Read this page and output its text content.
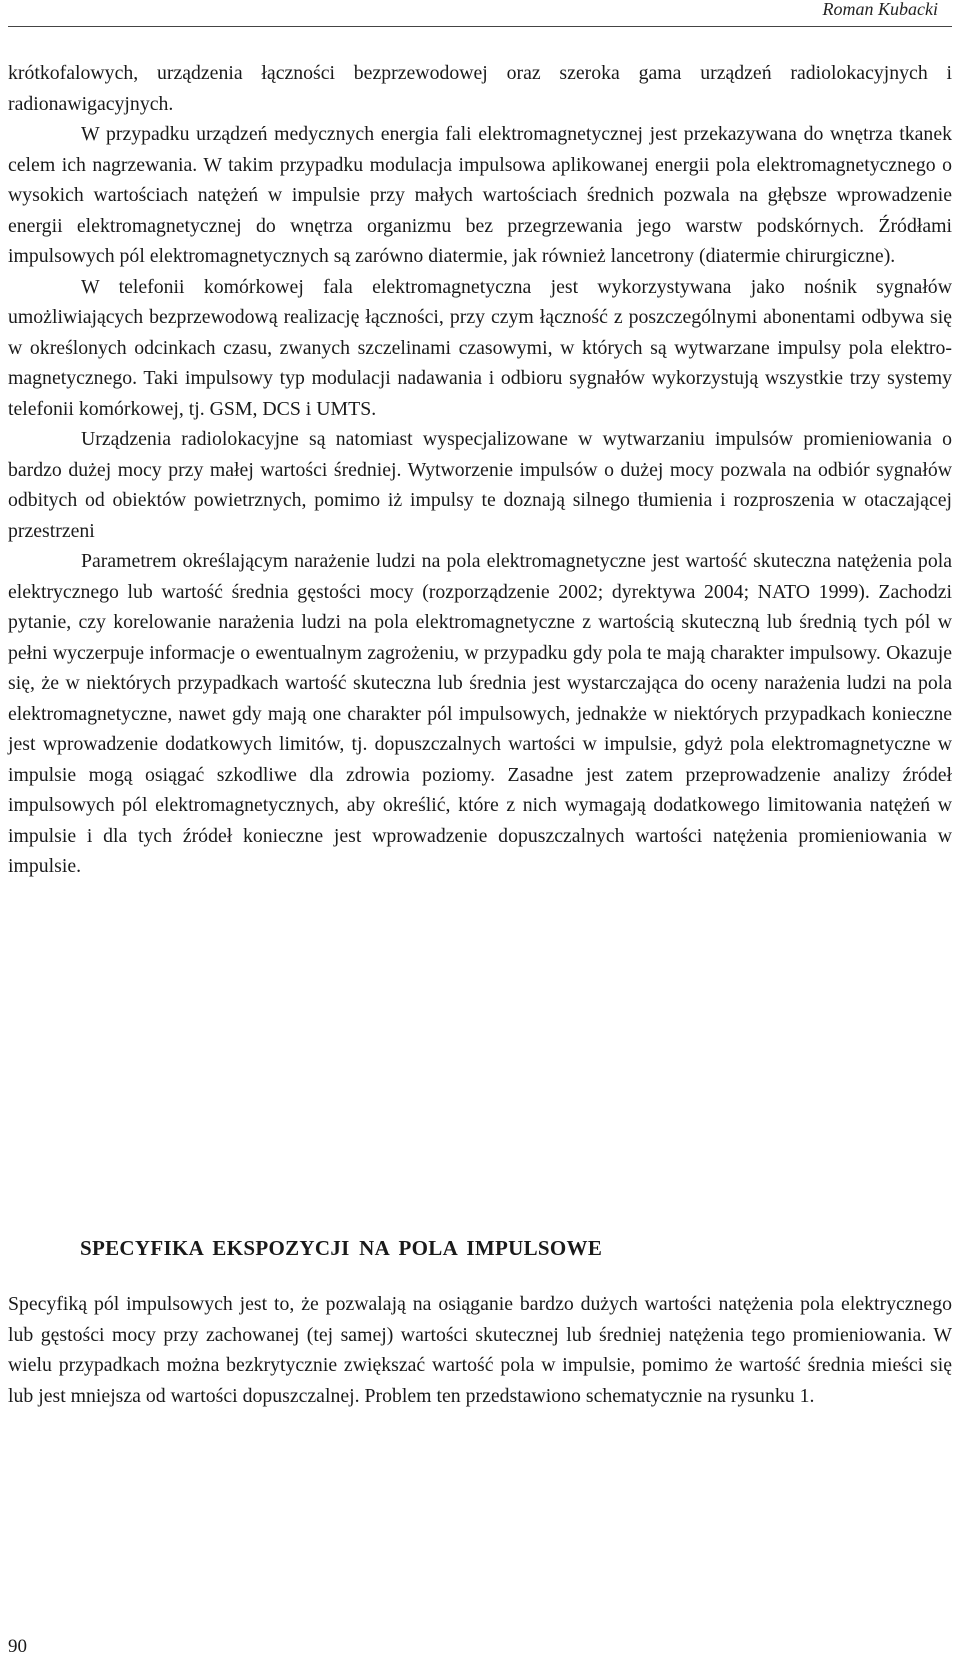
Roman Kubacki

krótkofalowych, urządzenia łączności bezprzewodowej oraz szeroka gama urządzeń radiolokacyjnych i radionawigacyjnych.

W przypadku urządzeń medycznych energia fali elektromagnetycznej jest przekazywana do wnętrza tkanek celem ich nagrzewania. W takim przypadku modulacja impulsowa aplikowanej energii pola elektromagnetycznego o wysokich wartościach natężeń w impulsie przy małych wartościach średnich pozwala na głębsze wprowadzenie energii elektromagnetycznej do wnętrza organizmu bez przegrzewania jego warstw podskórnych. Źródłami impulsowych pól elektromagnetycznych są zarówno diatermie, jak również lancetrony (diatermie chirurgiczne).

W telefonii komórkowej fala elektromagnetyczna jest wykorzystywana jako nośnik sygnałów umożliwiających bezprzewodową realizację łączności, przy czym łączność z poszczególnymi abonentami odbywa się w określonych odcinkach czasu, zwanych szczelinami czasowymi, w których są wytwarzane impulsy pola elektromagnetycznego. Taki impulsowy typ modulacji nadawania i odbioru sygnałów wykorzystują wszystkie trzy systemy telefonii komórkowej, tj. GSM, DCS i UMTS.

Urządzenia radiolokacyjne są natomiast wyspecjalizowane w wytwarzaniu impulsów promieniowania o bardzo dużej mocy przy małej wartości średniej. Wytworzenie impulsów o dużej mocy pozwala na odbiór sygnałów odbitych od obiektów powietrznych, pomimo iż impulsy te doznają silnego tłumienia i rozproszenia w otaczającej przestrzeni

Parametrem określającym narażenie ludzi na pola elektromagnetyczne jest wartość skuteczna natężenia pola elektrycznego lub wartość średnia gęstości mocy (rozporządzenie 2002; dyrektywa 2004; NATO 1999). Zachodzi pytanie, czy korelowanie narażenia ludzi na pola elektromagnetyczne z wartością skuteczną lub średnią tych pól w pełni wyczerpuje informacje o ewentualnym zagrożeniu, w przypadku gdy pola te mają charakter impulsowy. Okazuje się, że w niektórych przypadkach wartość skuteczna lub średnia jest wystarczająca do oceny narażenia ludzi na pola elektromagnetyczne, nawet gdy mają one charakter pól impulsowych, jednakże w niektórych przypadkach konieczne jest wprowadzenie dodatkowych limitów, tj. dopuszczalnych wartości w impulsie, gdyż pola elektromagnetyczne w impulsie mogą osiągać szkodliwe dla zdrowia poziomy. Zasadne jest zatem przeprowadzenie analizy źródeł impulsowych pól elektromagnetycznych, aby określić, które z nich wymagają dodatkowego limitowania natężeń w impulsie i dla tych źródeł konieczne jest wprowadzenie dopuszczalnych wartości natężenia promieniowania w impulsie.

SPECYFIKA EKSPOZYCJI NA POLA IMPULSOWE

Specyfiką pól impulsowych jest to, że pozwalają na osiąganie bardzo dużych wartości natężenia pola elektrycznego lub gęstości mocy przy zachowanej (tej samej) wartości skutecznej lub średniej natężenia tego promieniowania. W wielu przypadkach można bezkrytycznie zwiększać wartość pola w impulsie, pomimo że wartość średnia mieści się lub jest mniejsza od wartości dopuszczalnej. Problem ten przedstawiono schematycznie na rysunku 1.

90
